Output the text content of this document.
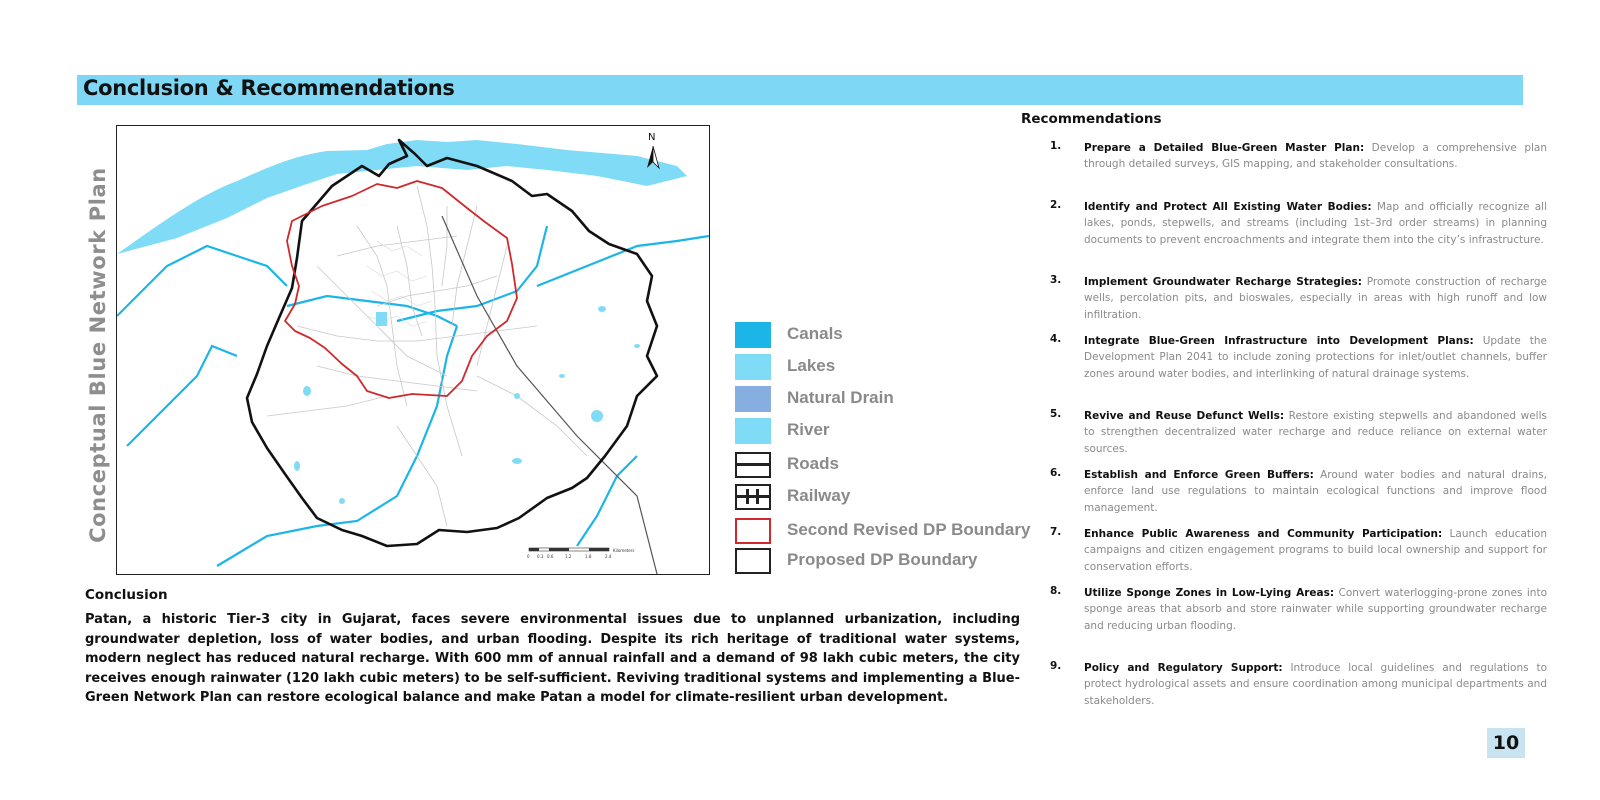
Conclusion & Recommendations
Conceptual Blue Network Plan
N
0 0.3 0.6	1.2	1.8	2.4
Kilometers
Canals
Lakes
Natural Drain
River
Roads
Railway
Second Revised DP Boundary
Proposed DP Boundary
Conclusion

Patan, a historic Tier-3 city in Gujarat, faces severe environmental issues due to unplanned urbanization, including groundwater depletion, loss of water bodies, and urban flooding. Despite its rich heritage of traditional water systems, modern neglect has reduced natural recharge. With 600 mm of annual rainfall and a demand of 98 lakh cubic meters, the city receives enough rainwater (120 lakh cubic meters) to be self-sufficient. Reviving traditional systems and implementing a Blue-Green Network Plan can restore ecological balance and make Patan a model for climate-resilient urban development.

Recommendations
1. Prepare a Detailed Blue-Green Master Plan: Develop a comprehensive plan through detailed surveys, GIS mapping, and stakeholder consultations.

2. Identify and Protect All Existing Water Bodies: Map and officially recognize all lakes, ponds, stepwells, and streams (including 1st–3rd order streams) in planning documents to prevent encroachments and integrate them into the city’s infrastructure.

3. Implement Groundwater Recharge Strategies: Promote construction of recharge wells, percolation pits, and bioswales, especially in areas with high runoff and low infiltration.

4. Integrate Blue-Green Infrastructure into Development Plans: Update the Development Plan 2041 to include zoning protections for inlet/outlet channels, buffer zones around water bodies, and interlinking of natural drainage systems.

5. Revive and Reuse Defunct Wells: Restore existing stepwells and abandoned wells to strengthen decentralized water recharge and reduce reliance on external water sources.

6. Establish and Enforce Green Buffers: Around water bodies and natural drains, enforce land use regulations to maintain ecological functions and improve flood management.

7. Enhance Public Awareness and Community Participation: Launch education campaigns and citizen engagement programs to build local ownership and support for conservation efforts.

8. Utilize Sponge Zones in Low-Lying Areas: Convert waterlogging-prone zones into sponge areas that absorb and store rainwater while supporting groundwater recharge and reducing urban flooding.

9. Policy and Regulatory Support: Introduce local guidelines and regulations to protect hydrological assets and ensure coordination among municipal departments and stakeholders.

10
